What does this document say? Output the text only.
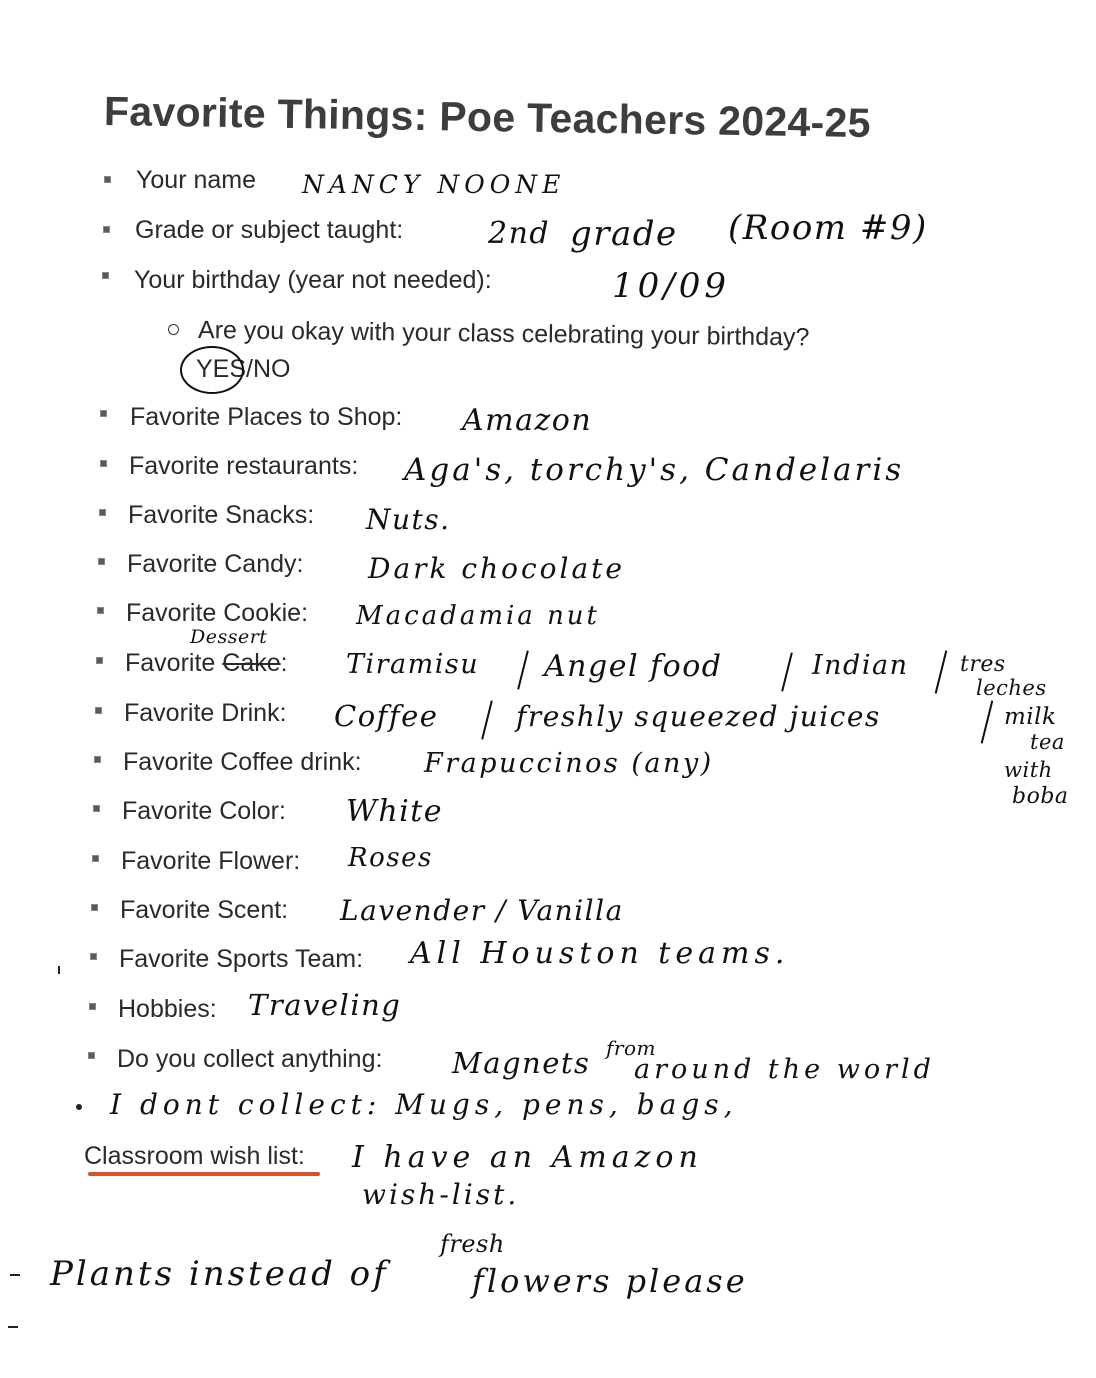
Favorite Things: Poe Teachers 2024-25
Your name NANCY NOONE
Grade or subject taught:	2nd grade (Room #9)
Your birthday (year not needed):	10/09
Are you okay with your class celebrating your birthday?
YES/NO
Favorite Places to Shop: Amazon
Favorite restaurants: Aga's, torchy's, Candelaris
Favorite Snacks: Nuts.
Favorite Candy: Dark chocolate
Favorite Cookie: Macadamia nut
Dessert
Favorite Cake: Tiramisu Angel food	Indian tres
leches
Favorite Drink: Coffee	freshly squeezed juices	milk
tea
with
boba
Favorite Coffee drink: Frapuccinos (any)
Favorite Color: White
Favorite Flower: Roses
Favorite Scent: Lavender / Vanilla
Favorite Sports Team: All Houston teams.
Hobbies: Traveling
Do you collect anything: Magnets from
around the world
I dont collect: Mugs, pens, bags,
Classroom wish list: I have an Amazon
wish-list.
Plants instead of
fresh
flowers please
